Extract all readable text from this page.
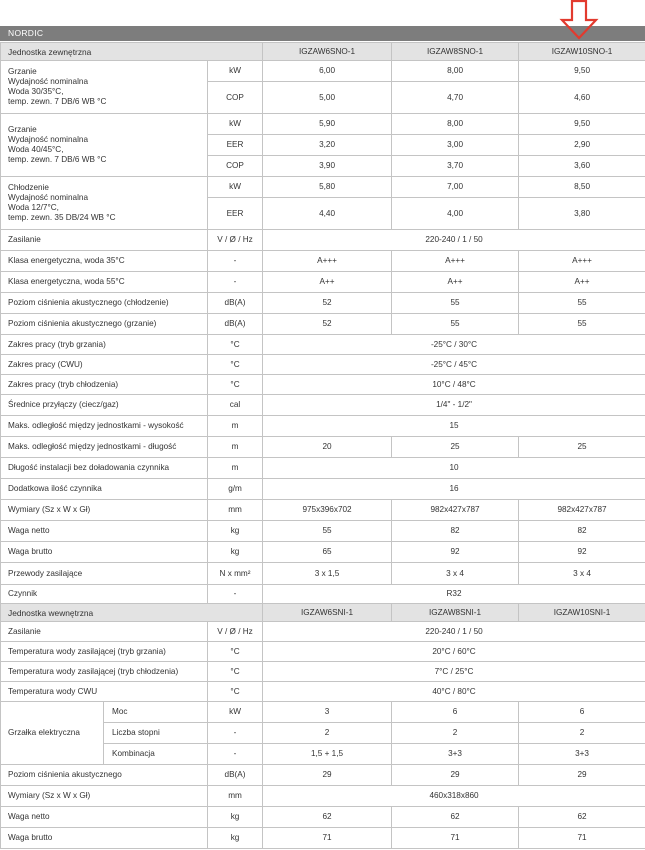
NORDIC
Jednostka zewnętrzna			IGZAW6SNO-1	IGZAW8SNO-1	IGZAW10SNO-1

Grzanie
Wydajność nominalna
Woda 30/35°C,
temp. zewn. 7 DB/6 WB °C		kW	6,00	8,00	9,50
		COP	5,00	4,70	4,60

Grzanie
Wydajność nominalna
Woda 40/45°C,
temp. zewn. 7 DB/6 WB °C		kW	5,90	8,00	9,50
		EER	3,20	3,00	2,90
		COP	3,90	3,70	3,60

Chłodzenie
Wydajność nominalna
Woda 12/7°C,
temp. zewn. 35 DB/24 WB °C		kW	5,80	7,00	8,50
		EER	4,40	4,00	3,80
Zasilanie		V / Ø / Hz	220-240 / 1 / 50		
Klasa energetyczna, woda 35°C		-	A+++	A+++	A+++
Klasa energetyczna, woda 55°C		-	A++	A++	A++
Poziom ciśnienia akustycznego (chłodzenie)		dB(A)	52	55	55
Poziom ciśnienia akustycznego (grzanie)		dB(A)	52	55	55
Zakres pracy (tryb grzania)		°C	-25°C / 30°C		
Zakres pracy (CWU)		°C	-25°C / 45°C		
Zakres pracy (tryb chłodzenia)		°C	10°C / 48°C		
Średnice przyłączy (ciecz/gaz)		cal	1/4" - 1/2"		
Maks. odległość między jednostkami - wysokość		m	15		
Maks. odległość między jednostkami - długość		m	20	25	25
Długość instalacji bez doładowania czynnika		m	10		
Dodatkowa ilość czynnika		g/m	16		
Wymiary (Sz x W x Gł)		mm	975x396x702	982x427x787	982x427x787
Waga netto		kg	55	82	82
Waga brutto		kg	65	92	92
Przewody zasilające		N x mm²	3 x 1,5	3 x 4	3 x 4
Czynnik		-	R32		
Jednostka wewnętrzna			IGZAW6SNI-1	IGZAW8SNI-1	IGZAW10SNI-1
Zasilanie		V / Ø / Hz	220-240 / 1 / 50		
Temperatura wody zasilającej (tryb grzania)		°C	20°C / 60°C		
Temperatura wody zasilającej (tryb chłodzenia)		°C	7°C / 25°C		
Temperatura wody CWU		°C	40°C / 80°C		
Grzałka elektryczna	Moc	kW	3	6	6
	Liczba stopni	-	2	2	2
	Kombinacja	-	1,5 + 1,5	3+3	3+3
Poziom ciśnienia akustycznego		dB(A)	29	29	29
Wymiary (Sz x W x Gł)		mm	460x318x860		
Waga netto		kg	62	62	62
Waga brutto		kg	71	71	71
